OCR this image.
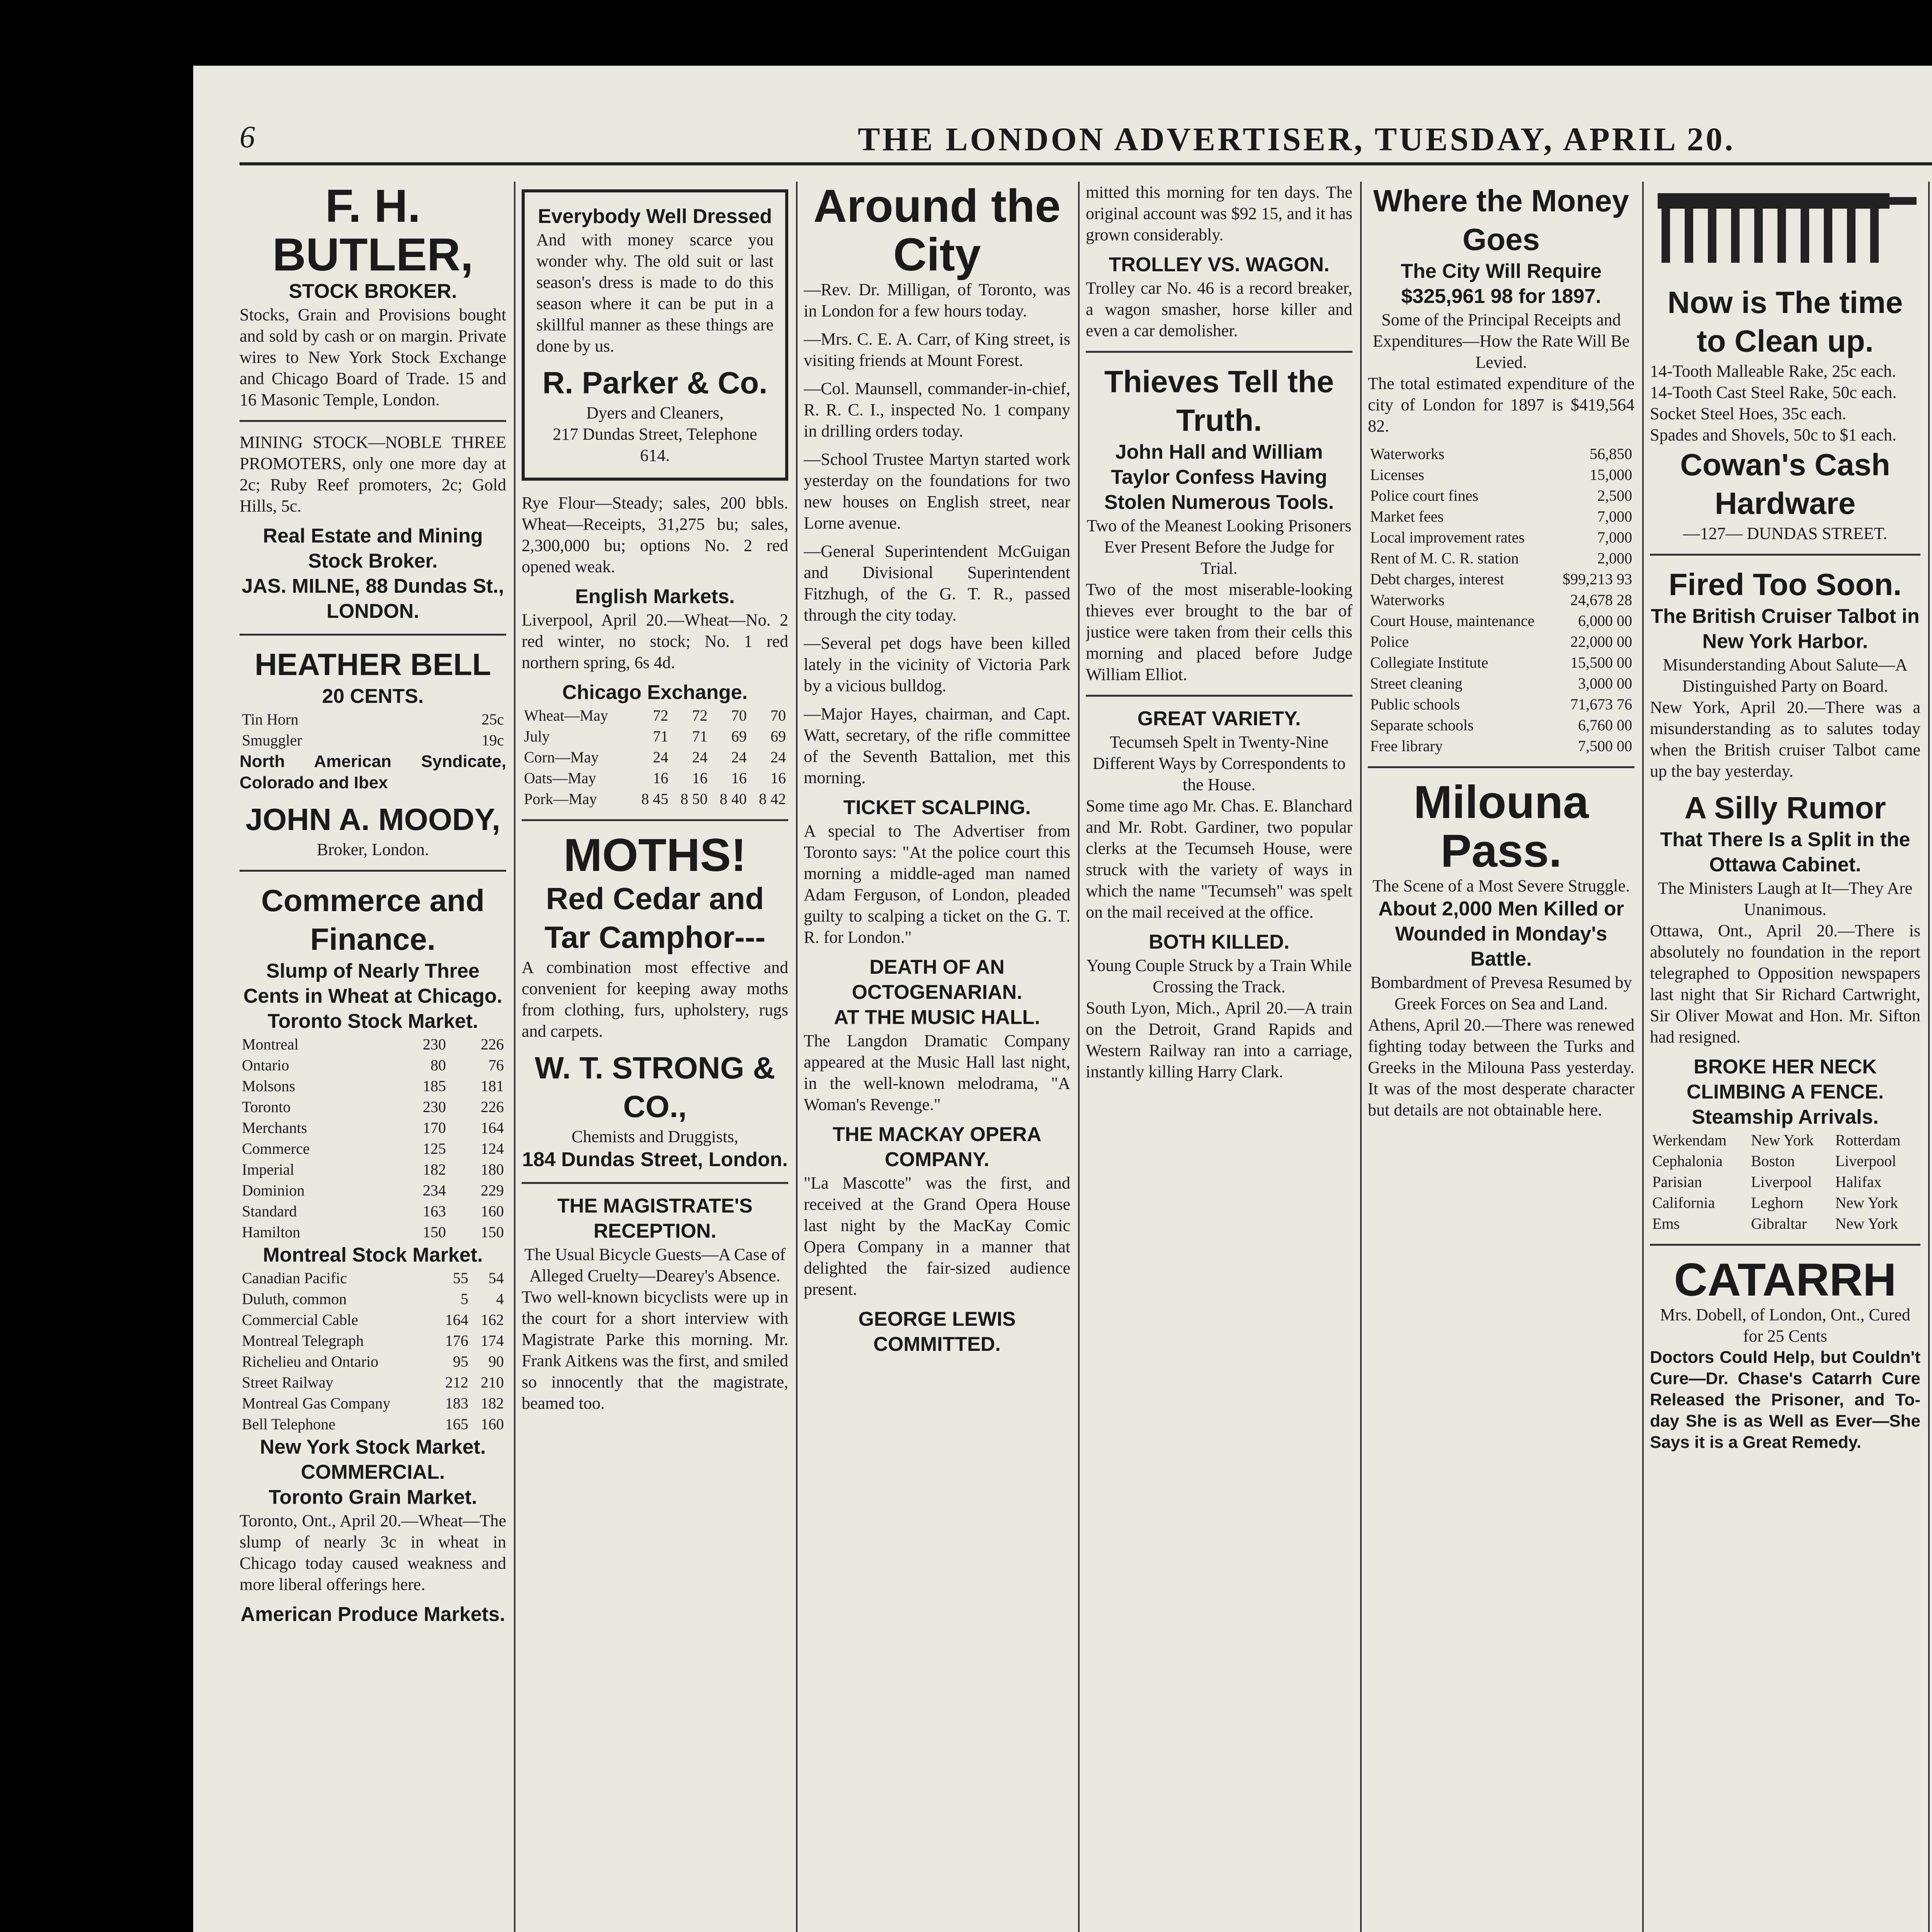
6	THE LONDON ADVERTISER, TUESDAY, APRIL 20.
F. H. BUTLER,
STOCK BROKER.

Stocks, Grain and Provisions bought and sold by cash or on margin. Private wires to New York Stock Exchange and Chicago Board of Trade. 15 and 16 Masonic Temple, London.

MINING STOCK—NOBLE THREE PROMOTERS, only one more day at 2c; Ruby Reef promoters, 2c; Gold Hills, 5c.

Real Estate and Mining Stock Broker.
JAS. MILNE, 88 Dundas St., LONDON.
HEATHER BELL
20 CENTS.
Tin Horn	25c
Smuggler	19c

North American Syndicate, Colorado and Ibex

JOHN A. MOODY,
Broker, London.
Commerce and Finance.
Slump of Nearly Three Cents in Wheat at Chicago.
Toronto Stock Market.
Montreal	230	226
Ontario	80	76
Molsons	185	181
Toronto	230	226
Merchants	170	164
Commerce	125	124
Imperial	182	180
Dominion	234	229
Standard	163	160
Hamilton	150	150
Montreal Stock Market.
Canadian Pacific	55	54
Duluth, common	5	4
Commercial Cable	164	162
Montreal Telegraph	176	174
Richelieu and Ontario	95	90
Street Railway	212	210
Montreal Gas Company	183	182
Bell Telephone	165	160
New York Stock Market.
COMMERCIAL.
Toronto Grain Market.

Toronto, Ont., April 20.—Wheat—The slump of nearly 3c in wheat in Chicago today caused weakness and more liberal offerings here.

American Produce Markets.
Everybody Well Dressed

And with money scarce you wonder why. The old suit or last season's dress is made to do this season where it can be put in a skillful manner as these things are done by us.

R. Parker & Co.
Dyers and Cleaners,
217 Dundas Street, Telephone 614.

Rye Flour—Steady; sales, 200 bbls. Wheat—Receipts, 31,275 bu; sales, 2,300,000 bu; options No. 2 red opened weak.

English Markets.

Liverpool, April 20.—Wheat—No. 2 red winter, no stock; No. 1 red northern spring, 6s 4d.

Chicago Exchange.
Wheat—May	72	72	70	70
July	71	71	69	69
Corn—May	24	24	24	24
Oats—May	16	16	16	16
Pork—May	8 45	8 50	8 40	8 42
MOTHS!
Red Cedar and Tar Camphor---

A combination most effective and convenient for keeping away moths from clothing, furs, upholstery, rugs and carpets.

W. T. STRONG & CO.,
Chemists and Druggists,
184 Dundas Street, London.
THE MAGISTRATE'S RECEPTION.
The Usual Bicycle Guests—A Case of Alleged Cruelty—Dearey's Absence.

Two well-known bicyclists were up in the court for a short interview with Magistrate Parke this morning. Mr. Frank Aitkens was the first, and smiled so innocently that the magistrate, beamed too.

Around the City

—Rev. Dr. Milligan, of Toronto, was in London for a few hours today.

—Mrs. C. E. A. Carr, of King street, is visiting friends at Mount Forest.

—Col. Maunsell, commander-in-chief, R. R. C. I., inspected No. 1 company in drilling orders today.

—School Trustee Martyn started work yesterday on the foundations for two new houses on English street, near Lorne avenue.

—General Superintendent McGuigan and Divisional Superintendent Fitzhugh, of the G. T. R., passed through the city today.

—Several pet dogs have been killed lately in the vicinity of Victoria Park by a vicious bulldog.

—Major Hayes, chairman, and Capt. Watt, secretary, of the rifle committee of the Seventh Battalion, met this morning.

TICKET SCALPING.

A special to The Advertiser from Toronto says: "At the police court this morning a middle-aged man named Adam Ferguson, of London, pleaded guilty to scalping a ticket on the G. T. R. for London."

DEATH OF AN OCTOGENARIAN.
AT THE MUSIC HALL.

The Langdon Dramatic Company appeared at the Music Hall last night, in the well-known melodrama, "A Woman's Revenge."

THE MACKAY OPERA COMPANY.

"La Mascotte" was the first, and received at the Grand Opera House last night by the MacKay Comic Opera Company in a manner that delighted the fair-sized audience present.

GEORGE LEWIS COMMITTED.

mitted this morning for ten days. The original account was $92 15, and it has grown considerably.

TROLLEY VS. WAGON.

Trolley car No. 46 is a record breaker, a wagon smasher, horse killer and even a car demolisher.

Thieves Tell the Truth.
John Hall and William Taylor Confess Having Stolen Numerous Tools.
Two of the Meanest Looking Prisoners Ever Present Before the Judge for Trial.

Two of the most miserable-looking thieves ever brought to the bar of justice were taken from their cells this morning and placed before Judge William Elliot.

GREAT VARIETY.
Tecumseh Spelt in Twenty-Nine Different Ways by Correspondents to the House.

Some time ago Mr. Chas. E. Blanchard and Mr. Robt. Gardiner, two popular clerks at the Tecumseh House, were struck with the variety of ways in which the name "Tecumseh" was spelt on the mail received at the office.

BOTH KILLED.
Young Couple Struck by a Train While Crossing the Track.

South Lyon, Mich., April 20.—A train on the Detroit, Grand Rapids and Western Railway ran into a carriage, instantly killing Harry Clark.

Where the Money Goes
The City Will Require $325,961 98 for 1897.
Some of the Principal Receipts and Expenditures—How the Rate Will Be Levied.

The total estimated expenditure of the city of London for 1897 is $419,564 82.

Waterworks	56,850
Licenses	15,000
Police court fines	2,500
Market fees	7,000
Local improvement rates	7,000
Rent of M. C. R. station	2,000
Debt charges, interest	$99,213 93
Waterworks	24,678 28
Court House, maintenance	6,000 00
Police	22,000 00
Collegiate Institute	15,500 00
Street cleaning	3,000 00
Public schools	71,673 76
Separate schools	6,760 00
Free library	7,500 00
Milouna Pass.
The Scene of a Most Severe Struggle.
About 2,000 Men Killed or Wounded in Monday's Battle.
Bombardment of Prevesa Resumed by Greek Forces on Sea and Land.

Athens, April 20.—There was renewed fighting today between the Turks and Greeks in the Milouna Pass yesterday. It was of the most desperate character but details are not obtainable here.

Now is The time to Clean up.
14-Tooth Malleable Rake, 25c each.
14-Tooth Cast Steel Rake, 50c each.
Socket Steel Hoes, 35c each.
Spades and Shovels, 50c to $1 each.
Cowan's Cash Hardware
—127— DUNDAS STREET.
Fired Too Soon.
The British Cruiser Talbot in New York Harbor.
Misunderstanding About Salute—A Distinguished Party on Board.

New York, April 20.—There was a misunderstanding as to salutes today when the British cruiser Talbot came up the bay yesterday.

A Silly Rumor
That There Is a Split in the Ottawa Cabinet.
The Ministers Laugh at It—They Are Unanimous.

Ottawa, Ont., April 20.—There is absolutely no foundation in the report telegraphed to Opposition newspapers last night that Sir Richard Cartwright, Sir Oliver Mowat and Hon. Mr. Sifton had resigned.

BROKE HER NECK CLIMBING A FENCE.
Steamship Arrivals.
Werkendam	New York	Rotterdam
Cephalonia	Boston	Liverpool
Parisian	Liverpool	Halifax
California	Leghorn	New York
Ems	Gibraltar	New York
CATARRH
Mrs. Dobell, of London, Ont., Cured for 25 Cents

Doctors Could Help, but Couldn't Cure—Dr. Chase's Catarrh Cure Released the Prisoner, and To-day She is as Well as Ever—She Says it is a Great Remedy.
